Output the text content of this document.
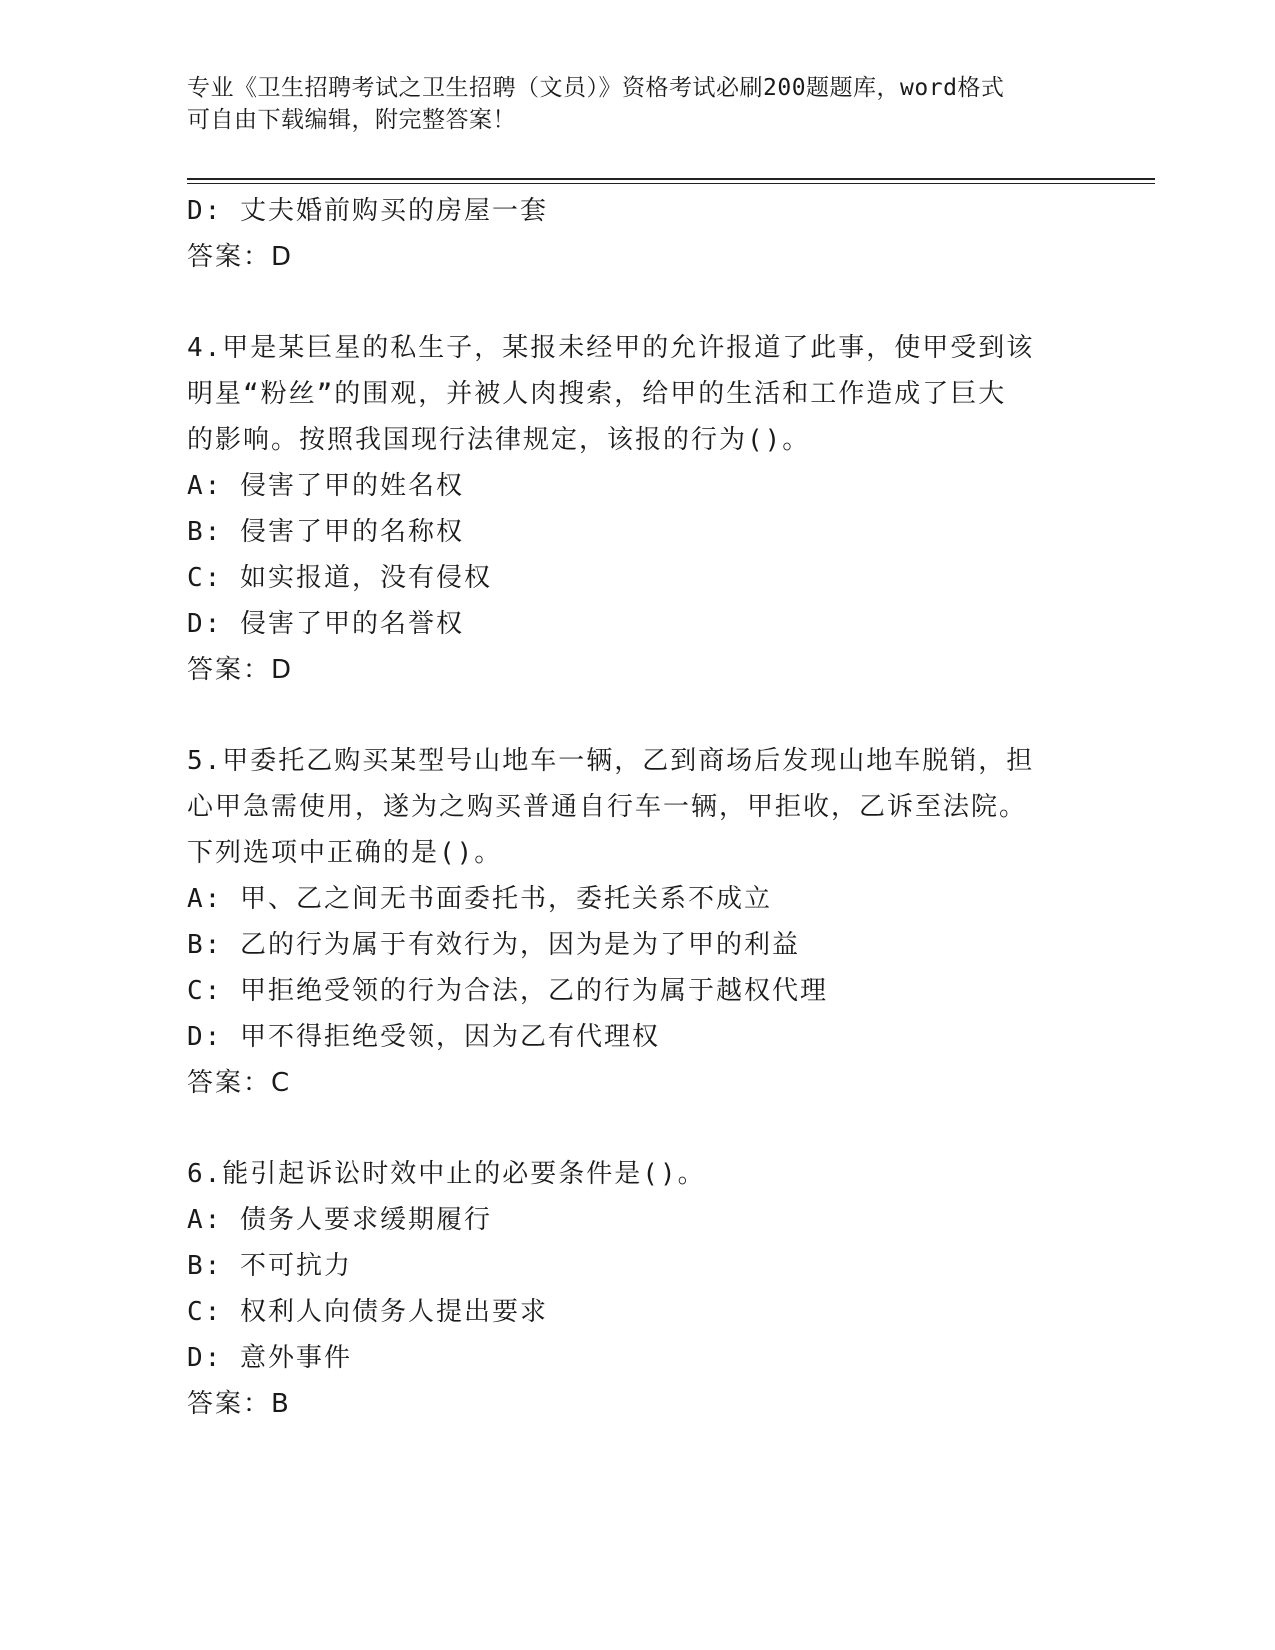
专业《卫生招聘考试之卫生招聘（文员）》资格考试必刷200题题库，word格式
可自由下载编辑，附完整答案！
D: 丈夫婚前购买的房屋一套
答案：D
4.甲是某巨星的私生子，某报未经甲的允许报道了此事，使甲受到该
明星“粉丝”的围观，并被人肉搜索，给甲的生活和工作造成了巨大
的影响。按照我国现行法律规定，该报的行为()。
A: 侵害了甲的姓名权
B: 侵害了甲的名称权
C: 如实报道，没有侵权
D: 侵害了甲的名誉权
答案：D
5.甲委托乙购买某型号山地车一辆，乙到商场后发现山地车脱销，担
心甲急需使用，遂为之购买普通自行车一辆，甲拒收，乙诉至法院。
下列选项中正确的是()。
A: 甲、乙之间无书面委托书，委托关系不成立
B: 乙的行为属于有效行为，因为是为了甲的利益
C: 甲拒绝受领的行为合法，乙的行为属于越权代理
D: 甲不得拒绝受领，因为乙有代理权
答案：C
6.能引起诉讼时效中止的必要条件是()。
A: 债务人要求缓期履行
B: 不可抗力
C: 权利人向债务人提出要求
D: 意外事件
答案：B
